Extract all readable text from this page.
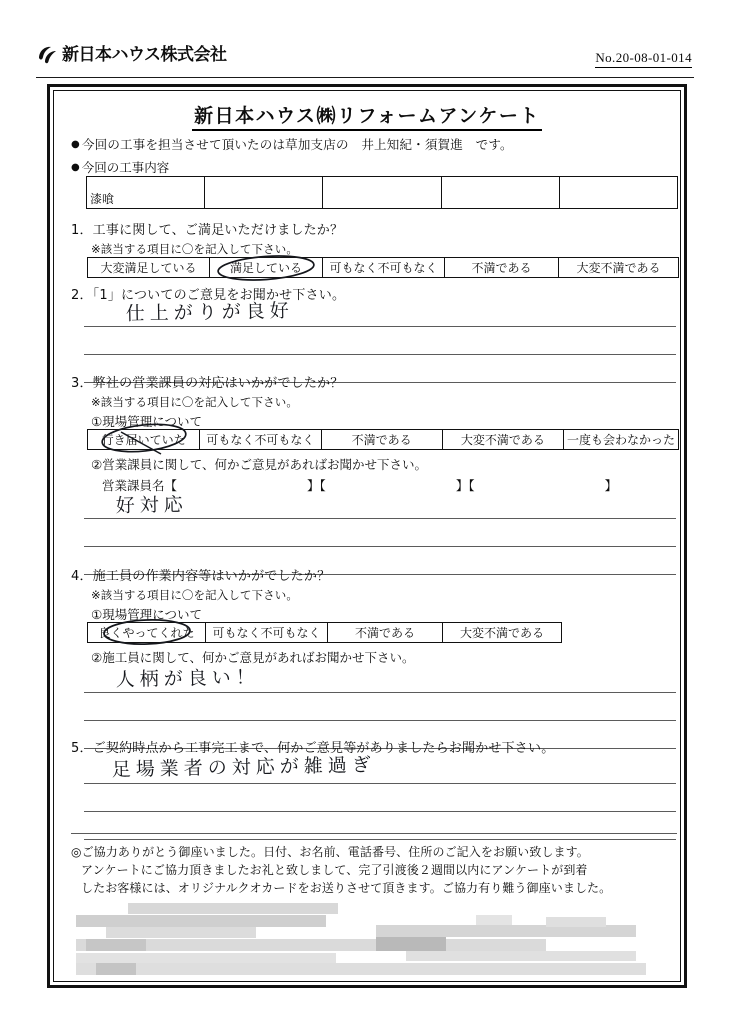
新日本ハウス株式会社	No.20-08-01-014
新日本ハウス㈱リフォームアンケート
● 今回の工事を担当させて頂いたのは草加支店の　井上知紀・須賀進　です。
● 今回の工事内容
漆喰
1．工事に関して、ご満足いただけましたか？
※該当する項目に〇を記入して下さい。
大変満足している	満足している 可もなく不可もなく	不満である	大変不満である
2．「1」についてのご意見をお聞かせ下さい。
仕上がりが良好
3．弊社の営業課員の対応はいかがでしたか？
※該当する項目に〇を記入して下さい。
①現場管理について
行き届いていた 可もなく不可もなく	不満である	大変不満である 一度も会わなかった
②営業課員に関して、何かご意見があればお聞かせ下さい。
営業課員名【	】【	】【	】
好対応
4．施工員の作業内容等はいかがでしたか？
※該当する項目に〇を記入して下さい。
①現場管理について
良くやってくれた 可もなく不可もなく	不満である	大変不満である
②施工員に関して、何かご意見があればお聞かせ下さい。
人柄が良い！
5．ご契約時点から工事完工まで、何かご意見等がありましたらお聞かせ下さい。
足場業者の対応が雑過ぎ
◎ご協力ありがとう御座いました。日付、お名前、電話番号、住所のご記入をお願い致します。
アンケートにご協力頂きましたお礼と致しまして、完了引渡後２週間以内にアンケートが到着
したお客様には、オリジナルクオカードをお送りさせて頂きます。ご協力有り難う御座いました。
